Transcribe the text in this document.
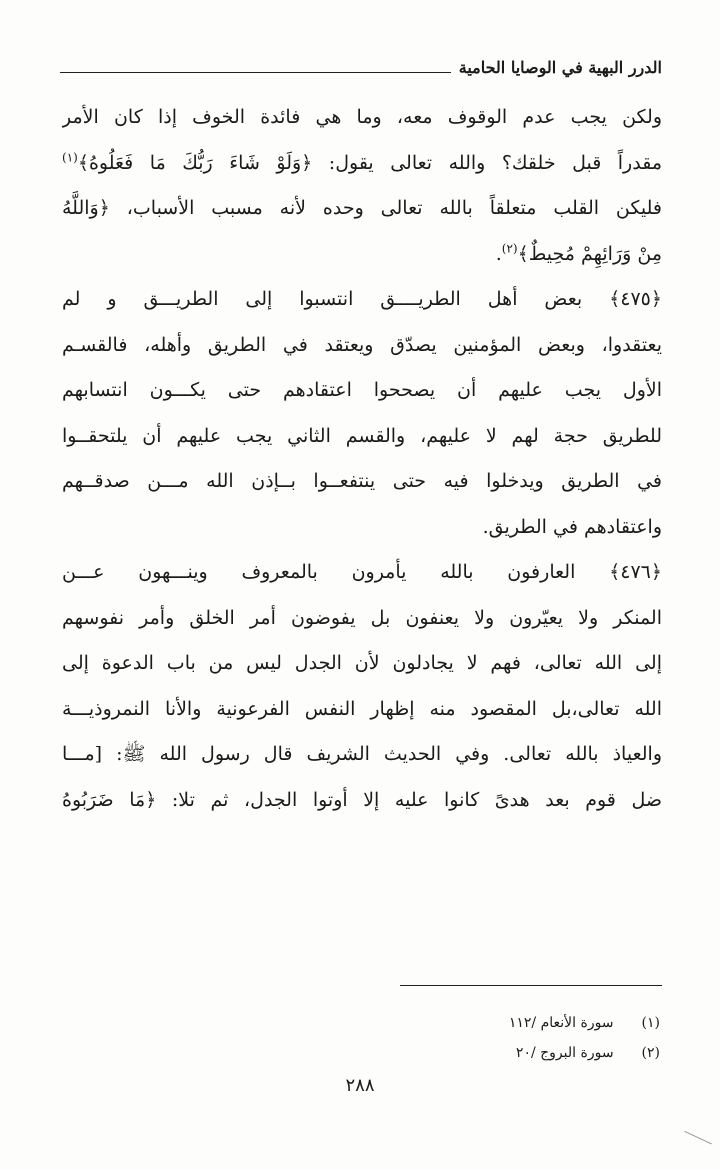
الدرر البهية في الوصايا الحامية
ولكن يجب عدم الوقوف معه، وما هي فائدة الخوف إذا كان الأمر
مقدراً قبل خلقك؟ والله تعالى يقول: ﴿وَلَوْ شَاءَ رَبُّكَ مَا فَعَلُوهُ﴾$^{(١)}$
فليكن القلب متعلقاً بالله تعالى وحده لأنه مسبب الأسباب، ﴿وَاللَّهُ
مِنْ وَرَائِهِمْ مُحِيطٌ﴾$^{(٢)}$.
﴿٤٧٥﴾ بعض أهل الطريــــق انتسبوا إلى الطريـــق و لم
يعتقدوا، وبعض المؤمنين يصدّق ويعتقد في الطريق وأهله، فالقسـم
الأول يجب عليهم أن يصححوا اعتقادهم حتى يكـــون انتسابهم
للطريق حجة لهم لا عليهم، والقسم الثاني يجب عليهم أن يلتحقــوا
في الطريق ويدخلوا فيه حتى ينتفعــوا بــإذن الله مـــن صدقــهم
واعتقادهم في الطريق.
﴿٤٧٦﴾ العارفون بالله يأمرون بالمعروف وينـــهون عـــن
المنكر ولا يعيّرون ولا يعنفون بل يفوضون أمر الخلق وأمر نفوسهم
إلى الله تعالى، فهم لا يجادلون لأن الجدل ليس من باب الدعوة إلى
الله تعالى،بل المقصود منه إظهار النفس الفرعونية والأنا النمروذيـــة
والعياذ بالله تعالى. وفي الحديث الشريف قال رسول الله ﷺ: [مـــا
ضل قوم بعد هدىً كانوا عليه إلا أوتوا الجدل، ثم تلا: ﴿مَا ضَرَبُوهُ
(١) سورة الأنعام /١١٢
(٢) سورة البروج /٢٠
٢٨٨
